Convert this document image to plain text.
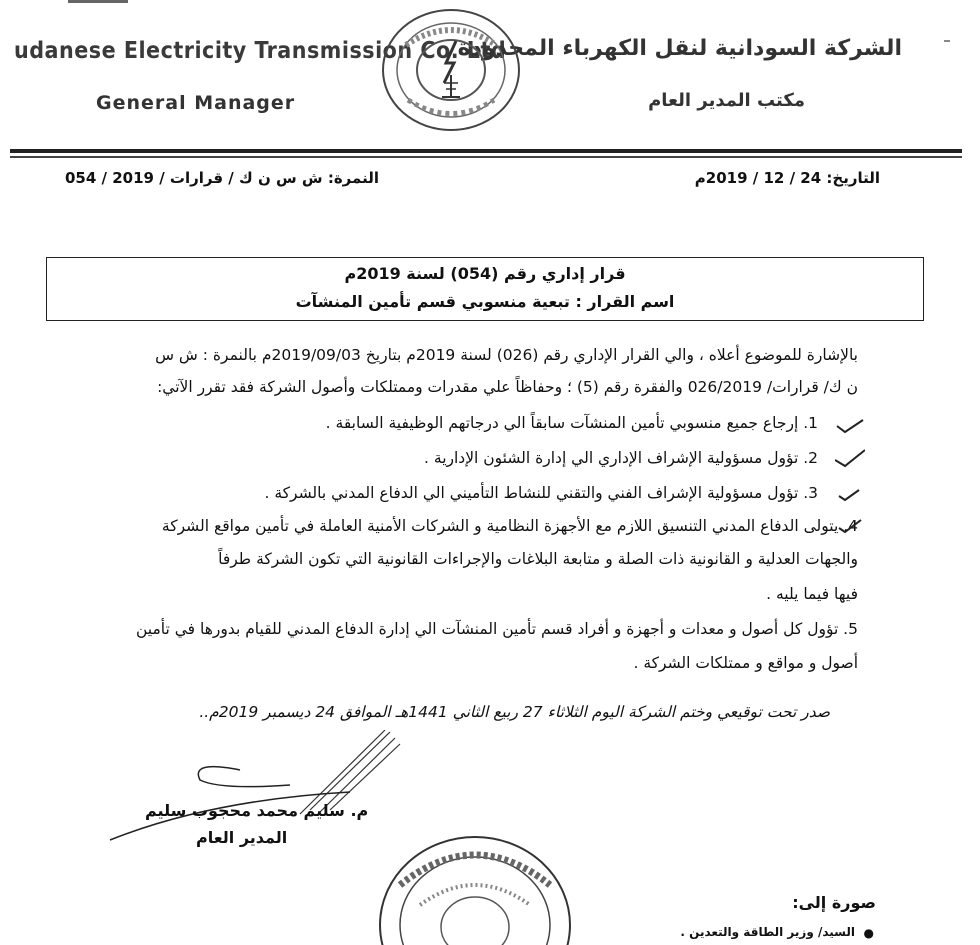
udanese Electricity Transmission Co. Ltd
General Manager
الشركة السودانية لنقل الكهرباء المحدودة
مكتب المدير العام
التاريخ: 24 / 12 / 2019م
النمرة: ش س ن ك / قرارات / 2019 / 054
قرار إداري رقم (054) لسنة 2019م
اسم القرار : تبعية منسوبي قسم تأمين المنشآت
بالإشارة للموضوع أعلاه ، والي القرار الإداري رقم (026) لسنة 2019م بتاريخ 2019/09/03م بالنمرة : ش س
ن ك/ قرارات/ 026/2019 والفقرة رقم (5) ؛ وحفاظاً علي مقدرات وممتلكات وأصول الشركة فقد تقرر الآتي:
1. إرجاع جميع منسوبي تأمين المنشآت سابقاً الي درجاتهم الوظيفية السابقة .
2. تؤول مسؤولية الإشراف الإداري الي إدارة الشئون الإدارية .
3. تؤول مسؤولية الإشراف الفني والتقني للنشاط التأميني الي الدفاع المدني بالشركة .
4. يتولى الدفاع المدني التنسيق اللازم مع الأجهزة النظامية و الشركات الأمنية العاملة في تأمين مواقع الشركة
والجهات العدلية و القانونية ذات الصلة و متابعة البلاغات والإجراءات القانونية التي تكون الشركة طرفاً
فيها فيما يليه .
5. تؤول كل أصول و معدات و أجهزة و أفراد قسم تأمين المنشآت الي إدارة الدفاع المدني للقيام بدورها في تأمين
أصول و مواقع و ممتلكات الشركة .
صدر تحت توقيعي وختم الشركة اليوم الثلاثاء 27 ربيع الثاني 1441هـ الموافق 24 ديسمبر 2019م..
م. سليم محمد محجوب سليم
المدير العام
صورة إلى:
●
السيد/ وزير الطاقة والتعدين .
